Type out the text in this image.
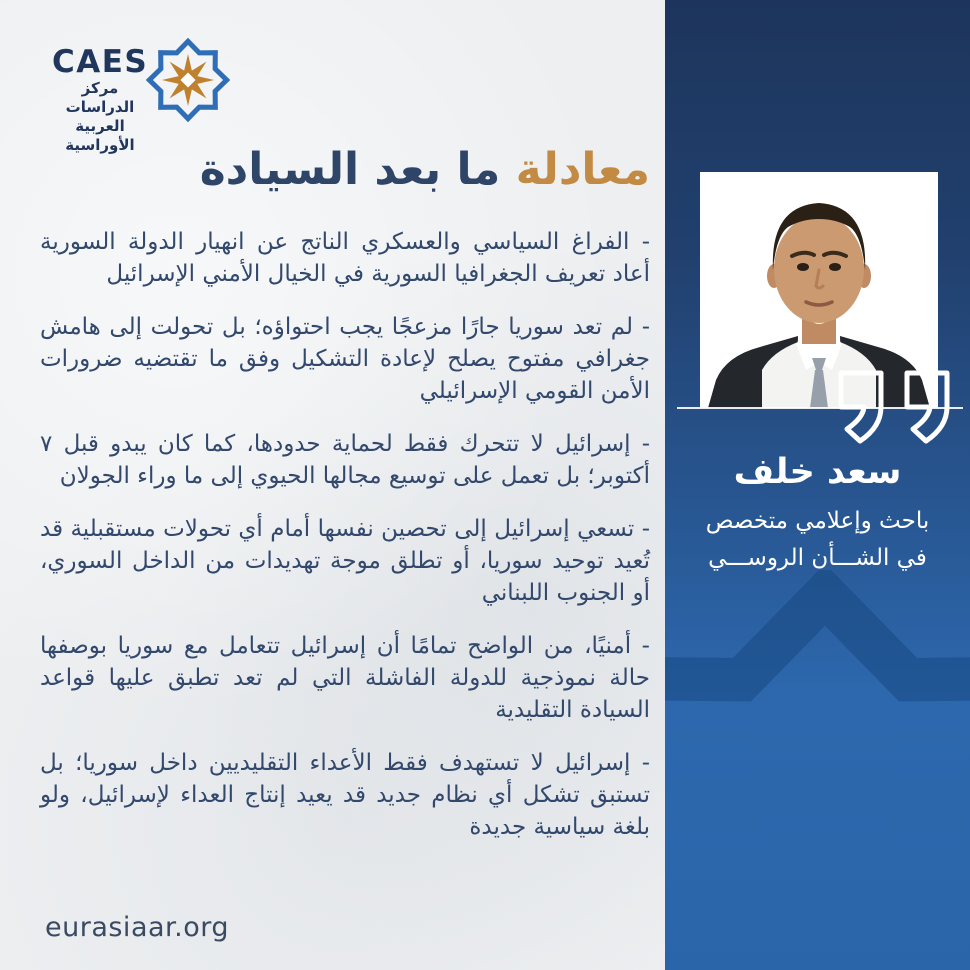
CAES
مركز الدراسات
العربية الأوراسية	معادلة ما بعد السيادة

- الفراغ السياسي والعسكري الناتج عن انهيار الدولة السورية أعاد تعريف الجغرافيا السورية في الخيال الأمني الإسرائيل

- لم تعد سوريا جارًا مزعجًا يجب احتواؤه؛ بل تحولت إلى هامش جغرافي مفتوح يصلح لإعادة التشكيل وفق ما تقتضيه ضرورات الأمن القومي الإسرائيلي

- إسرائيل لا تتحرك فقط لحماية حدودها، كما كان يبدو قبل ٧ أكتوبر؛ بل تعمل على توسيع مجالها الحيوي إلى ما وراء الجولان

- تسعي إسرائيل إلى تحصين نفسها أمام أي تحولات مستقبلية قد تُعيد توحيد سوريا، أو تطلق موجة تهديدات من الداخل السوري، أو الجنوب اللبناني

- أمنيًا، من الواضح تمامًا أن إسرائيل تتعامل مع سوريا بوصفها حالة نموذجية للدولة الفاشلة التي لم تعد تطبق عليها قواعد السيادة التقليدية

- إسرائيل لا تستهدف فقط الأعداء التقليديين داخل سوريا؛ بل تستبق تشكل أي نظام جديد قد يعيد إنتاج العداء لإسرائيل، ولو بلغة سياسية جديدة

eurasiaar.org
سعد خلف
باحث وإعلامي متخصص
في الشـــأن الروســـي
